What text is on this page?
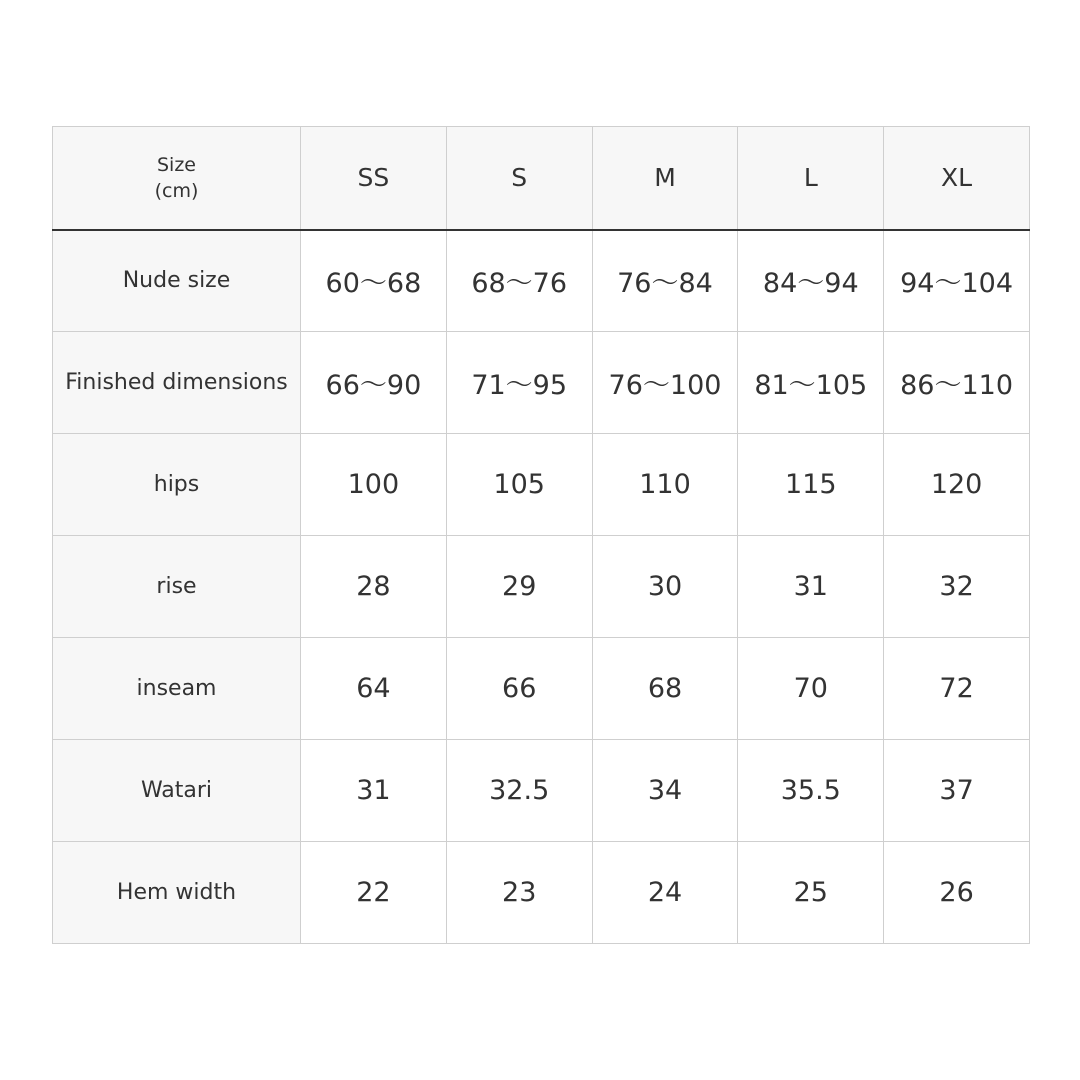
Size
(cm)	SS	S	M	L	XL
Nude size	60～68	68～76	76～84	84～94	94～104
Finished dimensions	66～90	71～95	76～100	81～105	86～110
hips	100	105	110	115	120
rise	28	29	30	31	32
inseam	64	66	68	70	72
Watari	31	32.5	34	35.5	37
Hem width	22	23	24	25	26
